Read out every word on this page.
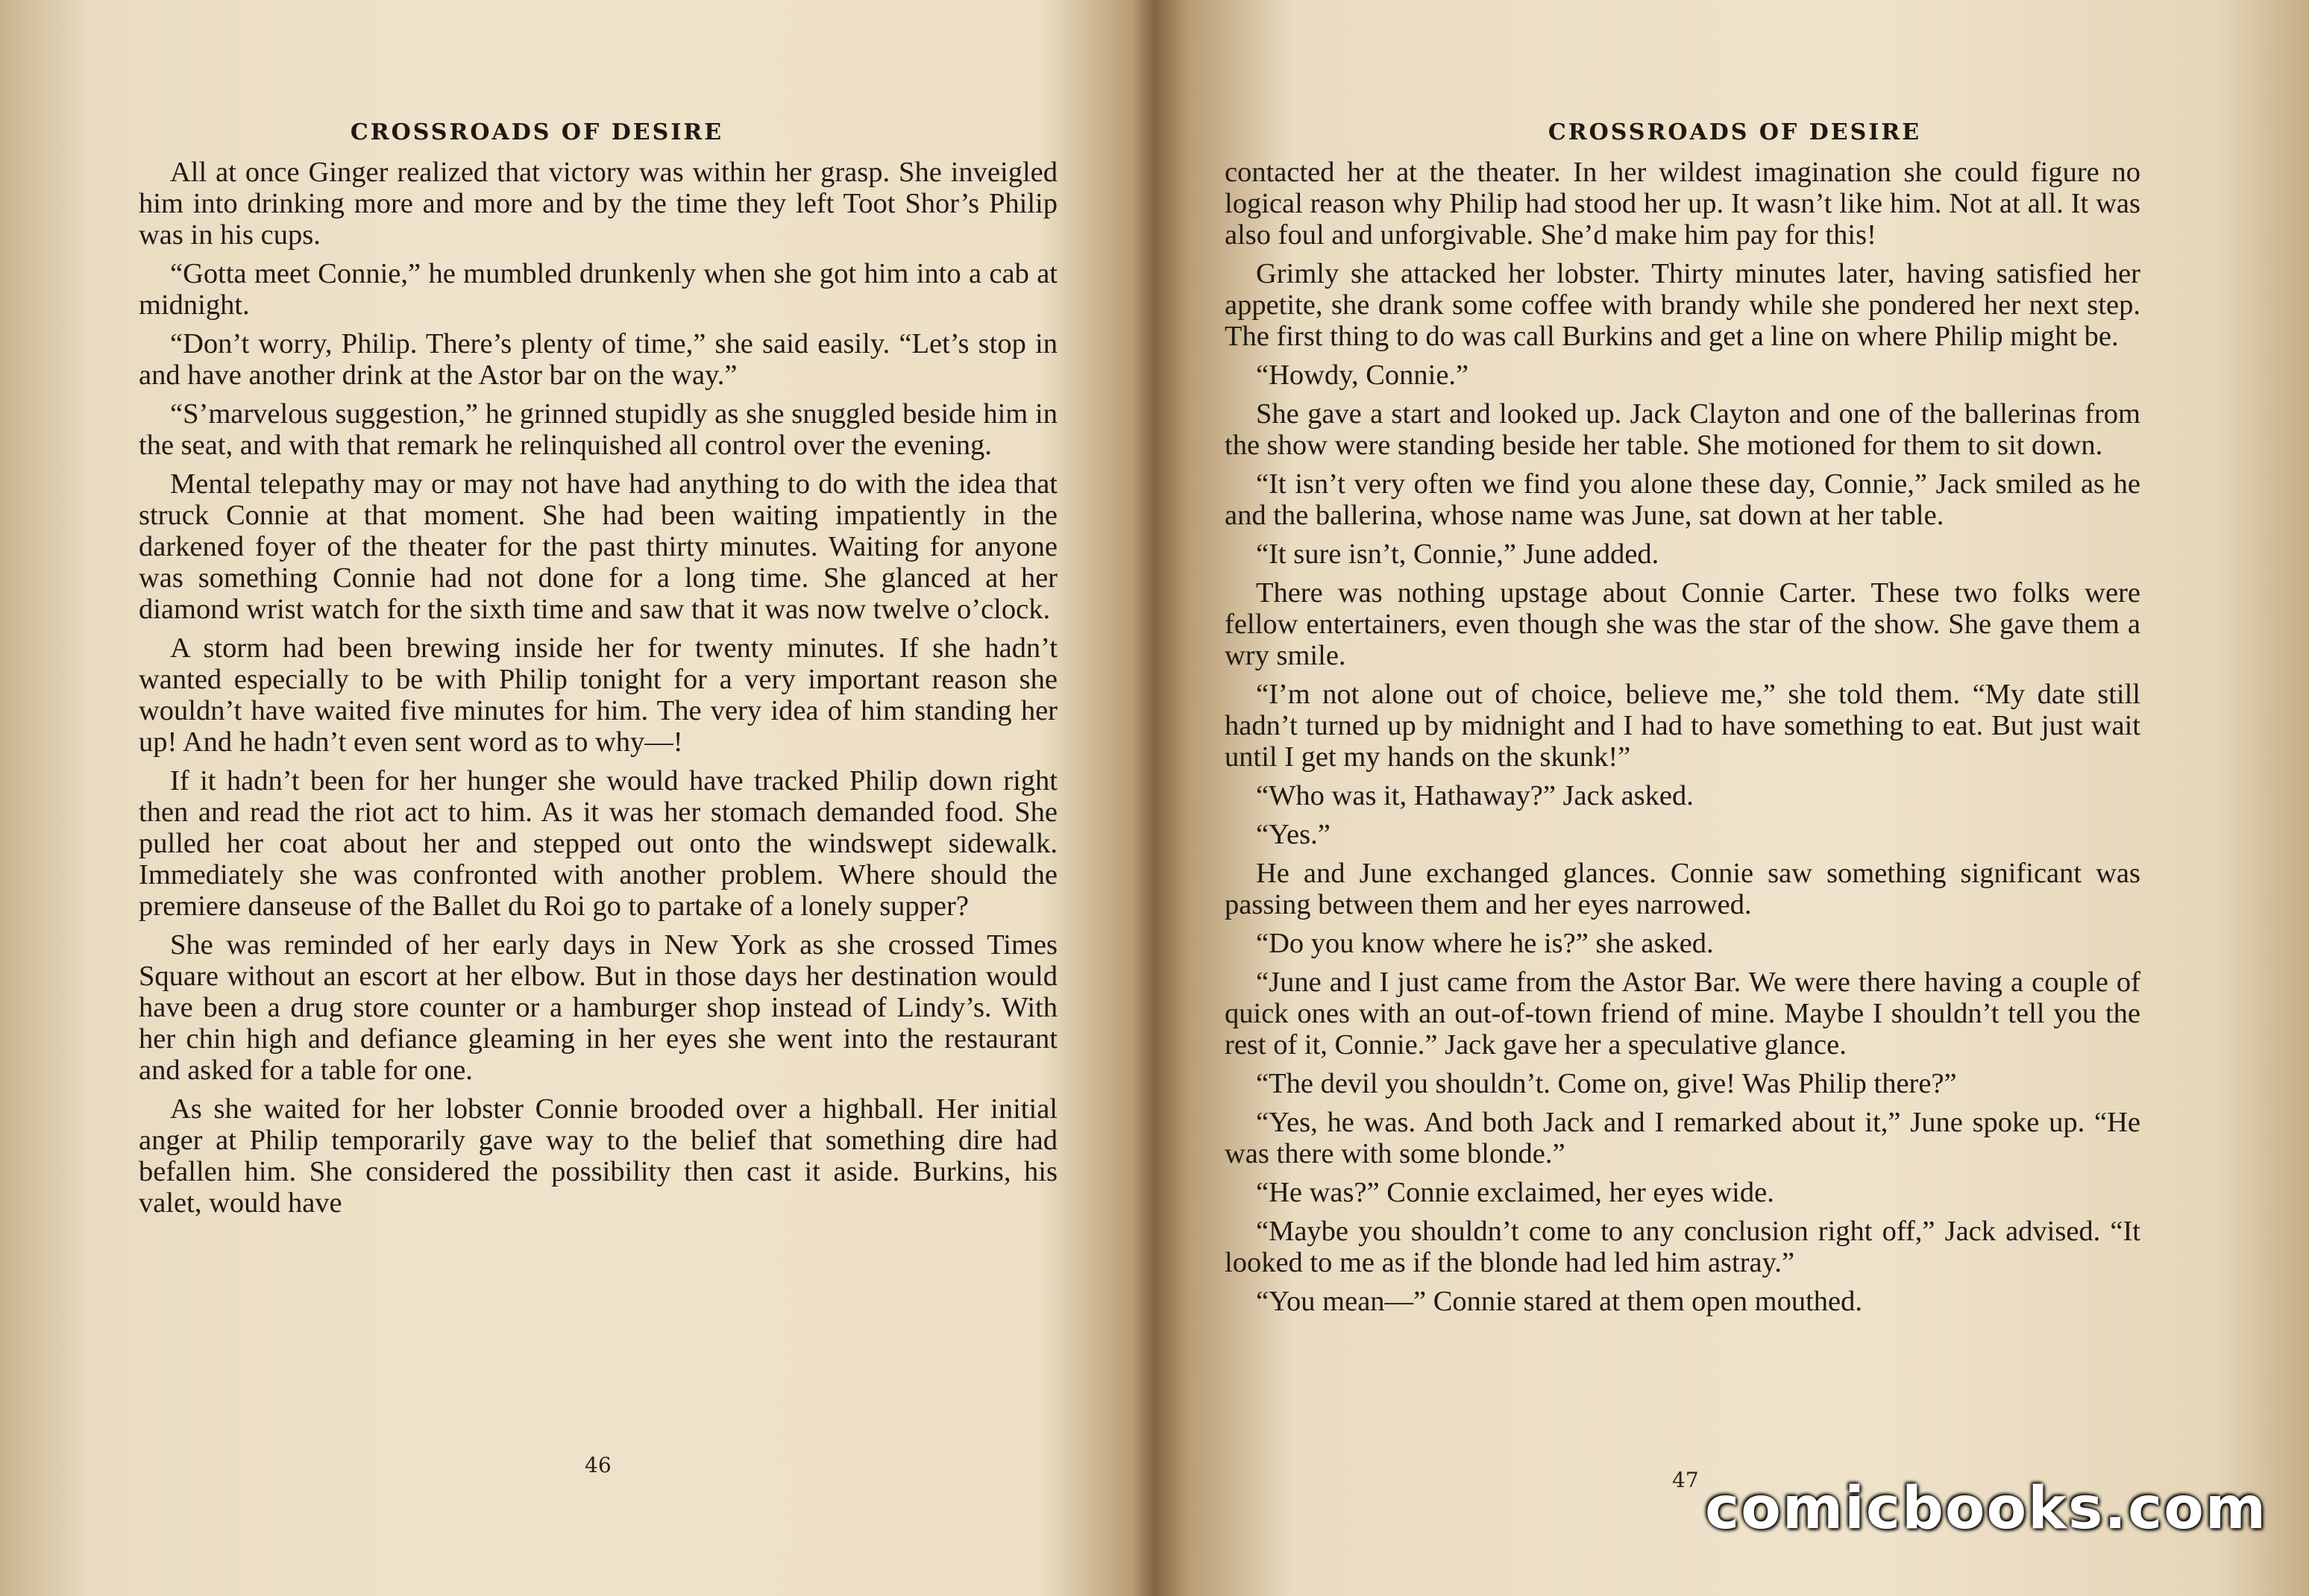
CROSSROADS OF DESIRE

All at once Ginger realized that victory was within her grasp. She inveigled him into drinking more and more and by the time they left Toot Shor’s Philip was in his cups.

“Gotta meet Connie,” he mumbled drunkenly when she got him into a cab at midnight.

“Don’t worry, Philip. There’s plenty of time,” she said easily. “Let’s stop in and have another drink at the Astor bar on the way.”

“S’marvelous suggestion,” he grinned stupidly as she snuggled beside him in the seat, and with that remark he relinquished all control over the evening.

Mental telepathy may or may not have had anything to do with the idea that struck Connie at that moment. She had been waiting impatiently in the darkened foyer of the theater for the past thirty minutes. Waiting for anyone was something Connie had not done for a long time. She glanced at her diamond wrist watch for the sixth time and saw that it was now twelve o’clock.

A storm had been brewing inside her for twenty minutes. If she hadn’t wanted especially to be with Philip tonight for a very important reason she wouldn’t have waited five minutes for him. The very idea of him standing her up! And he hadn’t even sent word as to why—!

If it hadn’t been for her hunger she would have tracked Philip down right then and read the riot act to him. As it was her stomach demanded food. She pulled her coat about her and stepped out onto the windswept sidewalk. Immediately she was confronted with another problem. Where should the premiere danseuse of the Ballet du Roi go to partake of a lonely supper?

She was reminded of her early days in New York as she crossed Times Square without an escort at her elbow. But in those days her destination would have been a drug store counter or a hamburger shop instead of Lindy’s. With her chin high and defiance gleaming in her eyes she went into the restaurant and asked for a table for one.

As she waited for her lobster Connie brooded over a highball. Her initial anger at Philip temporarily gave way to the belief that something dire had befallen him. She considered the possibility then cast it aside. Burkins, his valet, would have

46
CROSSROADS OF DESIRE

contacted her at the theater. In her wildest imagination she could figure no logical reason why Philip had stood her up. It wasn’t like him. Not at all. It was also foul and unforgivable. She’d make him pay for this!

Grimly she attacked her lobster. Thirty minutes later, having satisfied her appetite, she drank some coffee with brandy while she pondered her next step. The first thing to do was call Burkins and get a line on where Philip might be.

“Howdy, Connie.”

She gave a start and looked up. Jack Clayton and one of the ballerinas from the show were standing beside her table. She motioned for them to sit down.

“It isn’t very often we find you alone these day, Connie,” Jack smiled as he and the ballerina, whose name was June, sat down at her table.

“It sure isn’t, Connie,” June added.

There was nothing upstage about Connie Carter. These two folks were fellow entertainers, even though she was the star of the show. She gave them a wry smile.

“I’m not alone out of choice, believe me,” she told them. “My date still hadn’t turned up by midnight and I had to have something to eat. But just wait until I get my hands on the skunk!”

“Who was it, Hathaway?” Jack asked.

“Yes.”

He and June exchanged glances. Connie saw something significant was passing between them and her eyes narrowed.

“Do you know where he is?” she asked.

“June and I just came from the Astor Bar. We were there having a couple of quick ones with an out-of-town friend of mine. Maybe I shouldn’t tell you the rest of it, Connie.” Jack gave her a speculative glance.

“The devil you shouldn’t. Come on, give! Was Philip there?”

“Yes, he was. And both Jack and I remarked about it,” June spoke up. “He was there with some blonde.”

“He was?” Connie exclaimed, her eyes wide.

“Maybe you shouldn’t come to any conclusion right off,” Jack advised. “It looked to me as if the blonde had led him astray.”

“You mean—” Connie stared at them open mouthed.

47 comicbooks.com
